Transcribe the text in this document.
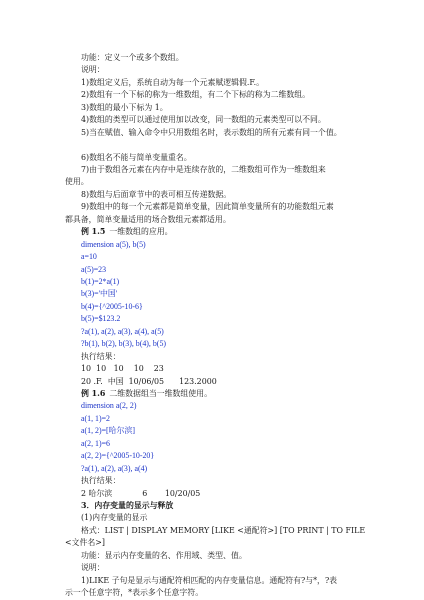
功能：定义一个或多个数组。
说明：
1)数组定义后，系统自动为每一个元素赋逻辑假.F.。
2)数组有一个下标的称为一维数组，有二个下标的称为二维数组。
3)数组的最小下标为 1。
4)数组的类型可以通过使用加以改变，同一数组的元素类型可以不同。
5)当在赋值、输入命令中只用数组名时，表示数组的所有元素有同一个值。
6)数组名不能与简单变量重名。
7)由于数组各元素在内存中是连续存放的，二维数组可作为一维数组来
使用。
8)数组与后面章节中的表可相互传递数据。
9)数组中的每一个元素都是简单变量，因此简单变量所有的功能数组元素
都具备，简单变量适用的场合数组元素都适用。
例 1.5 一维数组的应用。
dimension a(5), b(5)
a=10
a(5)=23
b(1)=2*a(1)
b(3)='中国'
b(4)={^2005-10-6}
b(5)=$123.2
?a(1), a(2), a(3), a(4), a(5)
?b(1), b(2), b(3), b(4), b(5)
执行结果：
10  10   10    10    23
20 .F.  中国  10/06/05      123.2000
例 1.6 二维数据组当一维数组使用。
dimension a(2, 2)
a(1, 1)=2
a(1, 2)=[哈尔滨]
a(2, 1)=6
a(2, 2)={^2005-10-20}
?a(1), a(2), a(3), a(4)
执行结果：
2 哈尔滨            6       10/20/05
3．内存变量的显示与释放
(1)内存变量的显示
格式：LIST | DISPLAY MEMORY [LIKE <通配符>] [TO PRINT | TO FILE
<文件名>]
功能：显示内存变量的名、作用域、类型、值。
说明：
1)LIKE 子句是显示与通配符相匹配的内存变量信息。通配符有?与*，?表
示一个任意字符，*表示多个任意字符。
